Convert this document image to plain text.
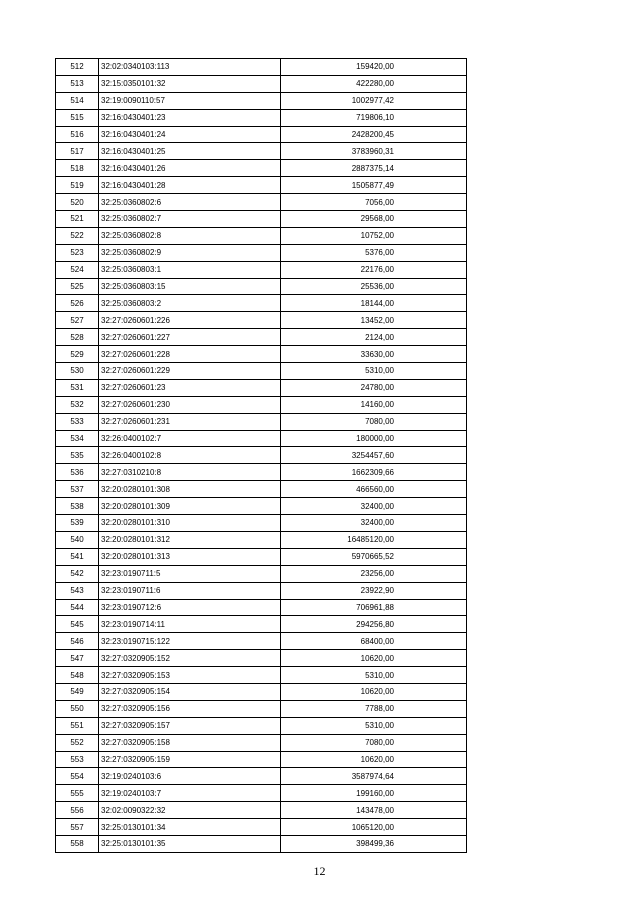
512	32:02:0340103:113	159420,00
513	32:15:0350101:32	422280,00
514	32:19:0090110:57	1002977,42
515	32:16:0430401:23	719806,10
516	32:16:0430401:24	2428200,45
517	32:16:0430401:25	3783960,31
518	32:16:0430401:26	2887375,14
519	32:16:0430401:28	1505877,49
520	32:25:0360802:6	7056,00
521	32:25:0360802:7	29568,00
522	32:25:0360802:8	10752,00
523	32:25:0360802:9	5376,00
524	32:25:0360803:1	22176,00
525	32:25:0360803:15	25536,00
526	32:25:0360803:2	18144,00
527	32:27:0260601:226	13452,00
528	32:27:0260601:227	2124,00
529	32:27:0260601:228	33630,00
530	32:27:0260601:229	5310,00
531	32:27:0260601:23	24780,00
532	32:27:0260601:230	14160,00
533	32:27:0260601:231	7080,00
534	32:26:0400102:7	180000,00
535	32:26:0400102:8	3254457,60
536	32:27:0310210:8	1662309,66
537	32:20:0280101:308	466560,00
538	32:20:0280101:309	32400,00
539	32:20:0280101:310	32400,00
540	32:20:0280101:312	16485120,00
541	32:20:0280101:313	5970665,52
542	32:23:0190711:5	23256,00
543	32:23:0190711:6	23922,90
544	32:23:0190712:6	706961,88
545	32:23:0190714:11	294256,80
546	32:23:0190715:122	68400,00
547	32:27:0320905:152	10620,00
548	32:27:0320905:153	5310,00
549	32:27:0320905:154	10620,00
550	32:27:0320905:156	7788,00
551	32:27:0320905:157	5310,00
552	32:27:0320905:158	7080,00
553	32:27:0320905:159	10620,00
554	32:19:0240103:6	3587974,64
555	32:19:0240103:7	199160,00
556	32:02:0090322:32	143478,00
557	32:25:0130101:34	1065120,00
558	32:25:0130101:35	398499,36
12
